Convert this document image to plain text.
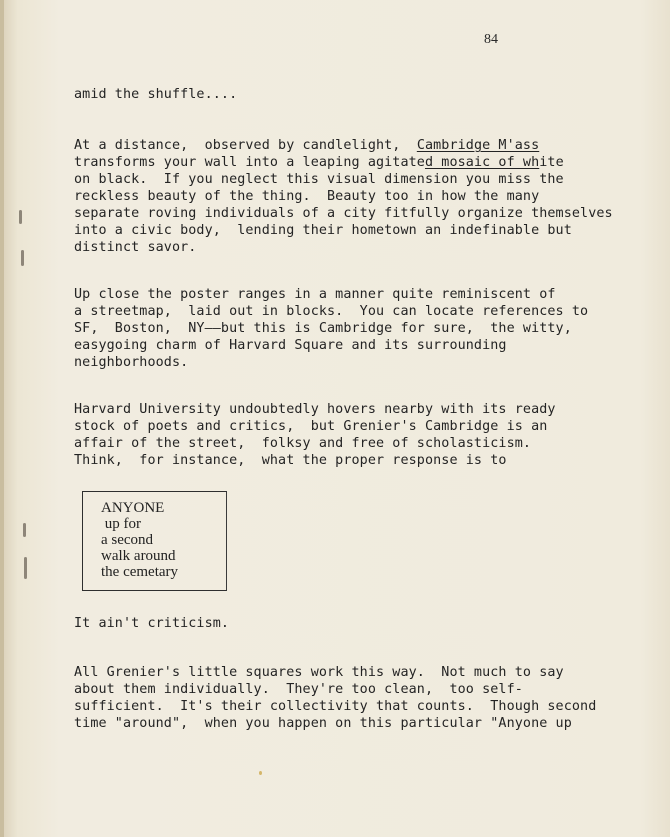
84
amid the shuffle....
At a distance,  observed by candlelight,  Cambridge M'ass
transforms your wall into a leaping agitated mosaic of white
on black.  If you neglect this visual dimension you miss the
reckless beauty of the thing.  Beauty too in how the many
separate roving individuals of a city fitfully organize themselves
into a civic body,  lending their hometown an indefinable but
distinct savor.
Up close the poster ranges in a manner quite reminiscent of
a streetmap,  laid out in blocks.  You can locate references to
SF,  Boston,  NY——but this is Cambridge for sure,  the witty,
easygoing charm of Harvard Square and its surrounding
neighborhoods.
Harvard University undoubtedly hovers nearby with its ready
stock of poets and critics,  but Grenier's Cambridge is an
affair of the street,  folksy and free of scholasticism.
Think,  for instance,  what the proper response is to
ANYONE
up for
a second
walk around
the cemetary
It ain't criticism.
All Grenier's little squares work this way.  Not much to say
about them individually.  They're too clean,  too self-
sufficient.  It's their collectivity that counts.  Though second
time "around",  when you happen on this particular "Anyone up
